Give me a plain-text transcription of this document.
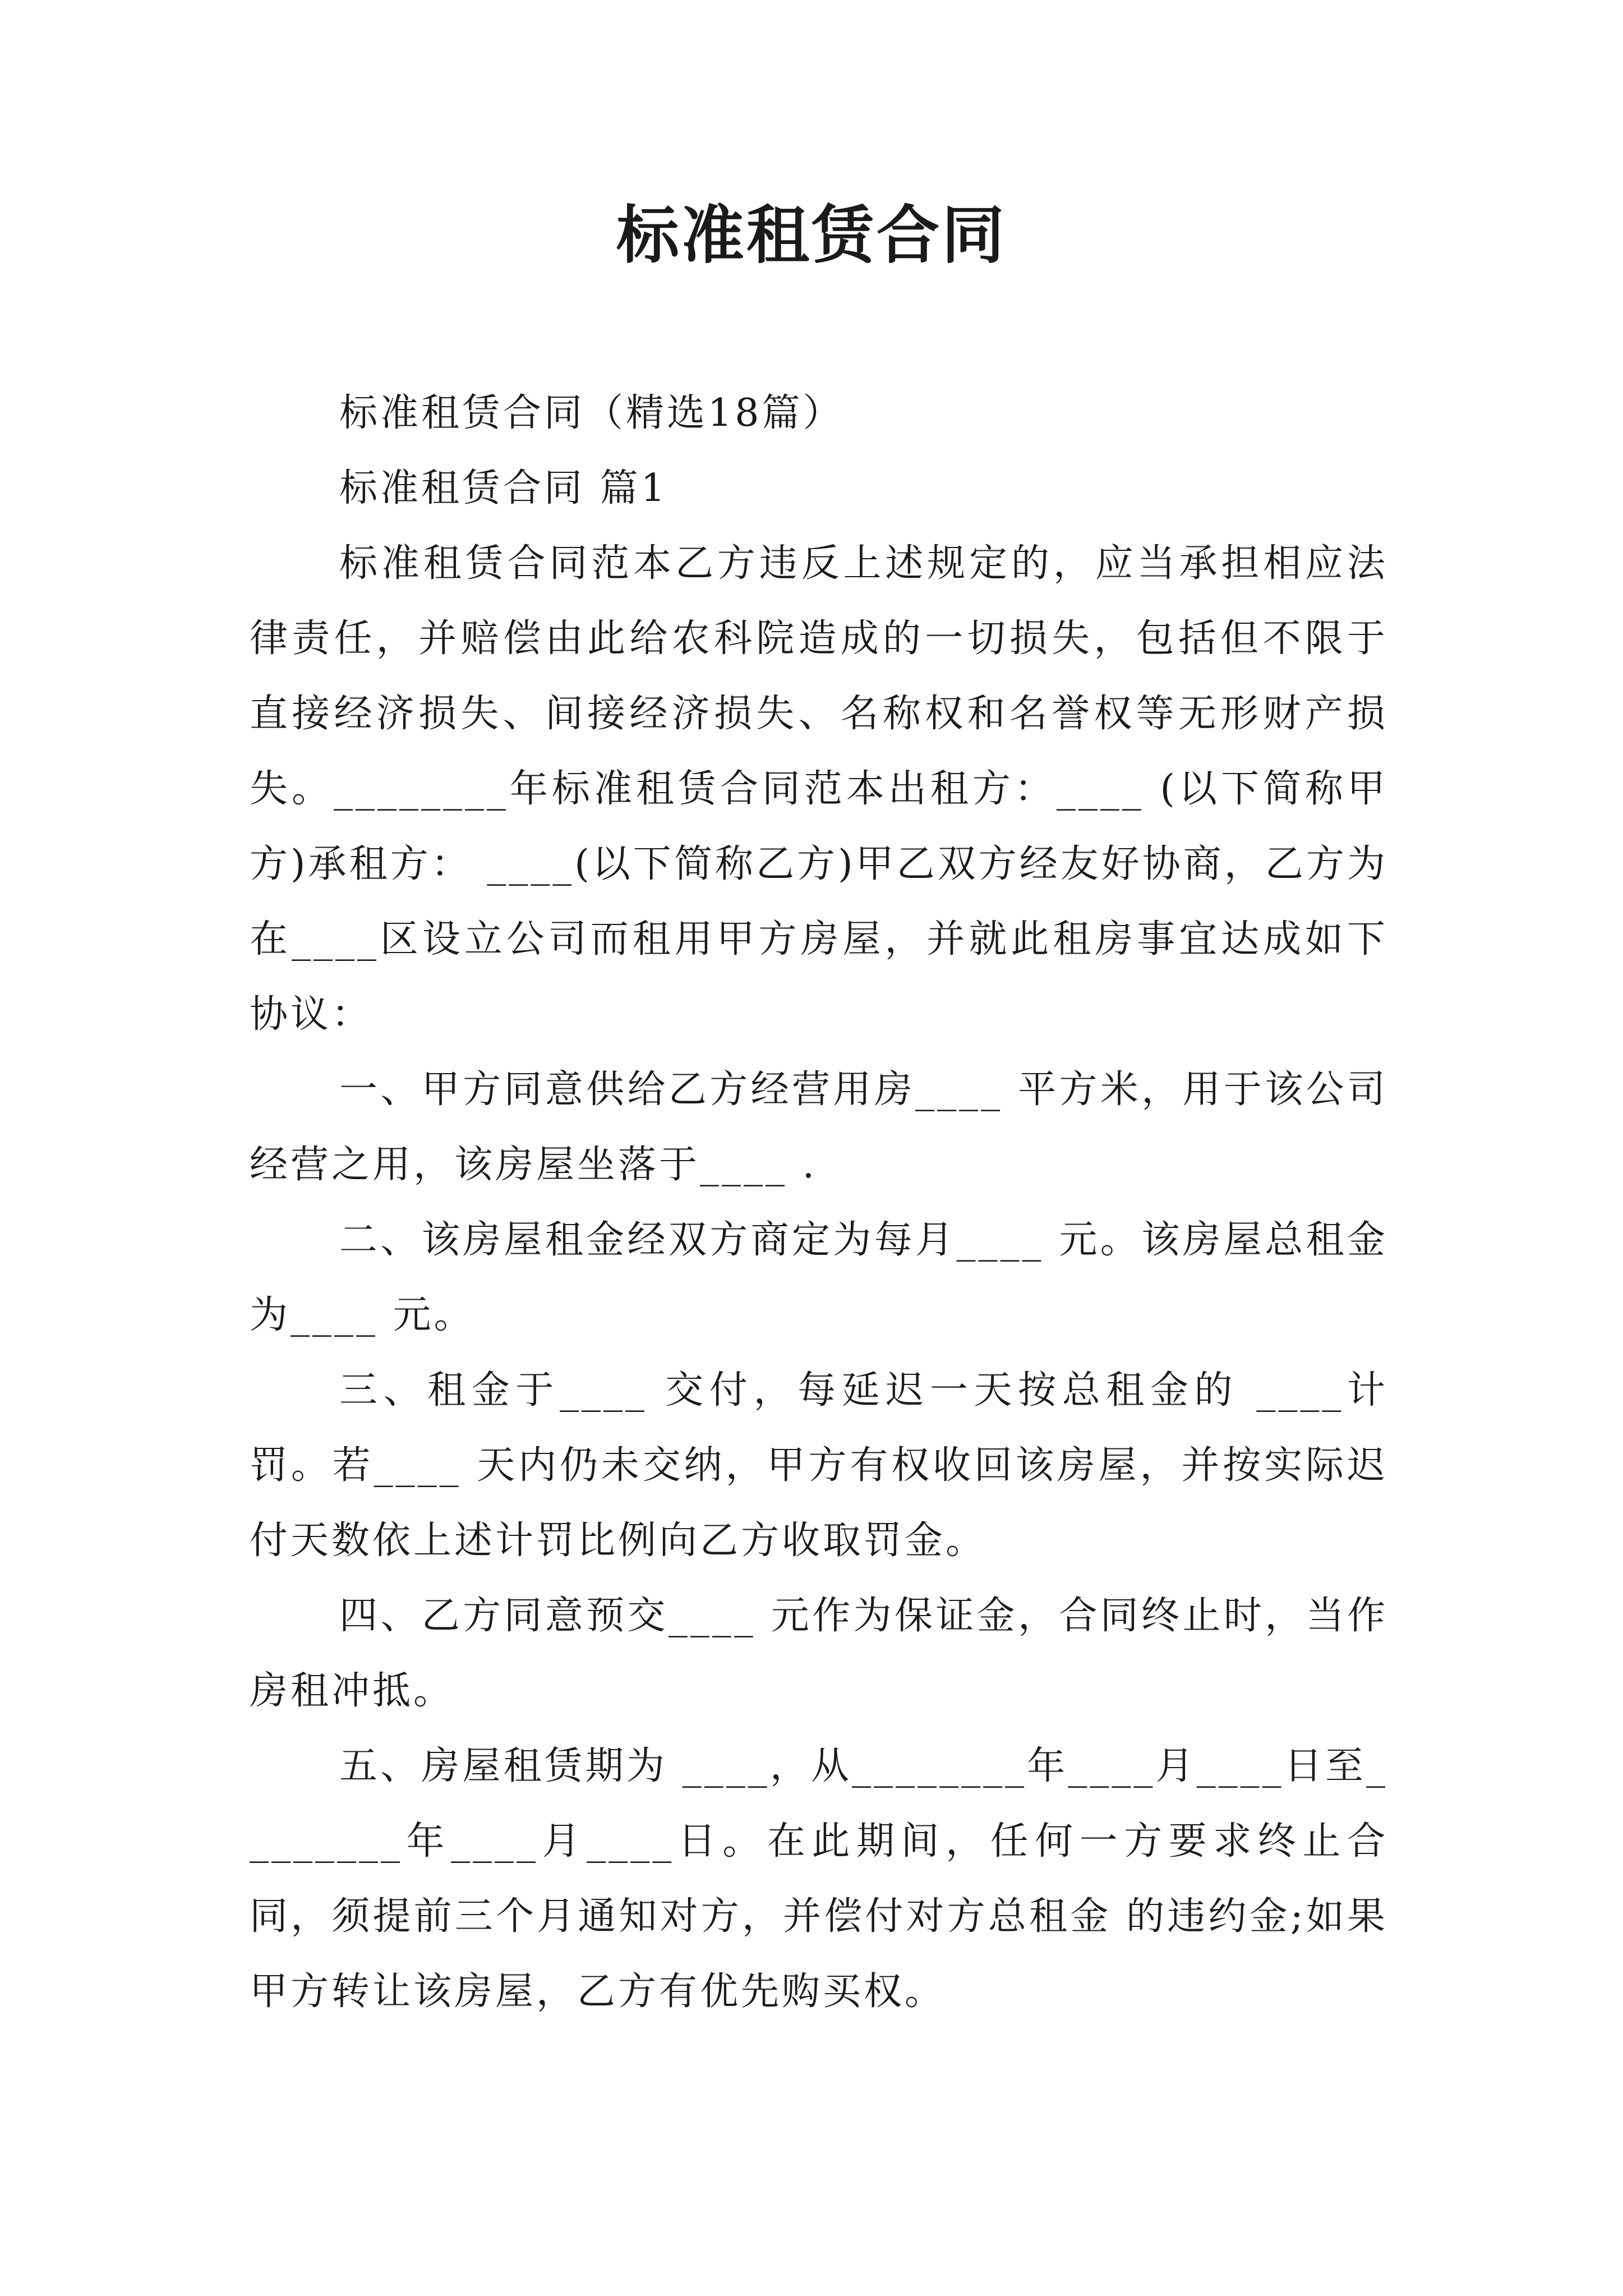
标准租赁合同

标准租赁合同（精选18篇）

标准租赁合同 篇1

标准租赁合同范本乙方违反上述规定的，应当承担相应法律责任，并赔偿由此给农科院造成的一切损失，包括但不限于直接经济损失、间接经济损失、名称权和名誉权等无形财产损失。________年标准租赁合同范本出租方：____ (以下简称甲方)承租方： ____(以下简称乙方)甲乙双方经友好协商，乙方为在____区设立公司而租用甲方房屋，并就此租房事宜达成如下协议：

一、甲方同意供给乙方经营用房____ 平方米，用于该公司经营之用，该房屋坐落于____ .

二、该房屋租金经双方商定为每月____ 元。该房屋总租金为____ 元。

三、租金于____ 交付，每延迟一天按总租金的 ____计罚。若____ 天内仍未交纳，甲方有权收回该房屋，并按实际迟付天数依上述计罚比例向乙方收取罚金。

四、乙方同意预交____ 元作为保证金，合同终止时，当作房租冲抵。

五、房屋租赁期为 ____，从________年____月____日至________年____月____日。在此期间，任何一方要求终止合同，须提前三个月通知对方，并偿付对方总租金 的违约金;如果甲方转让该房屋，乙方有优先购买权。
